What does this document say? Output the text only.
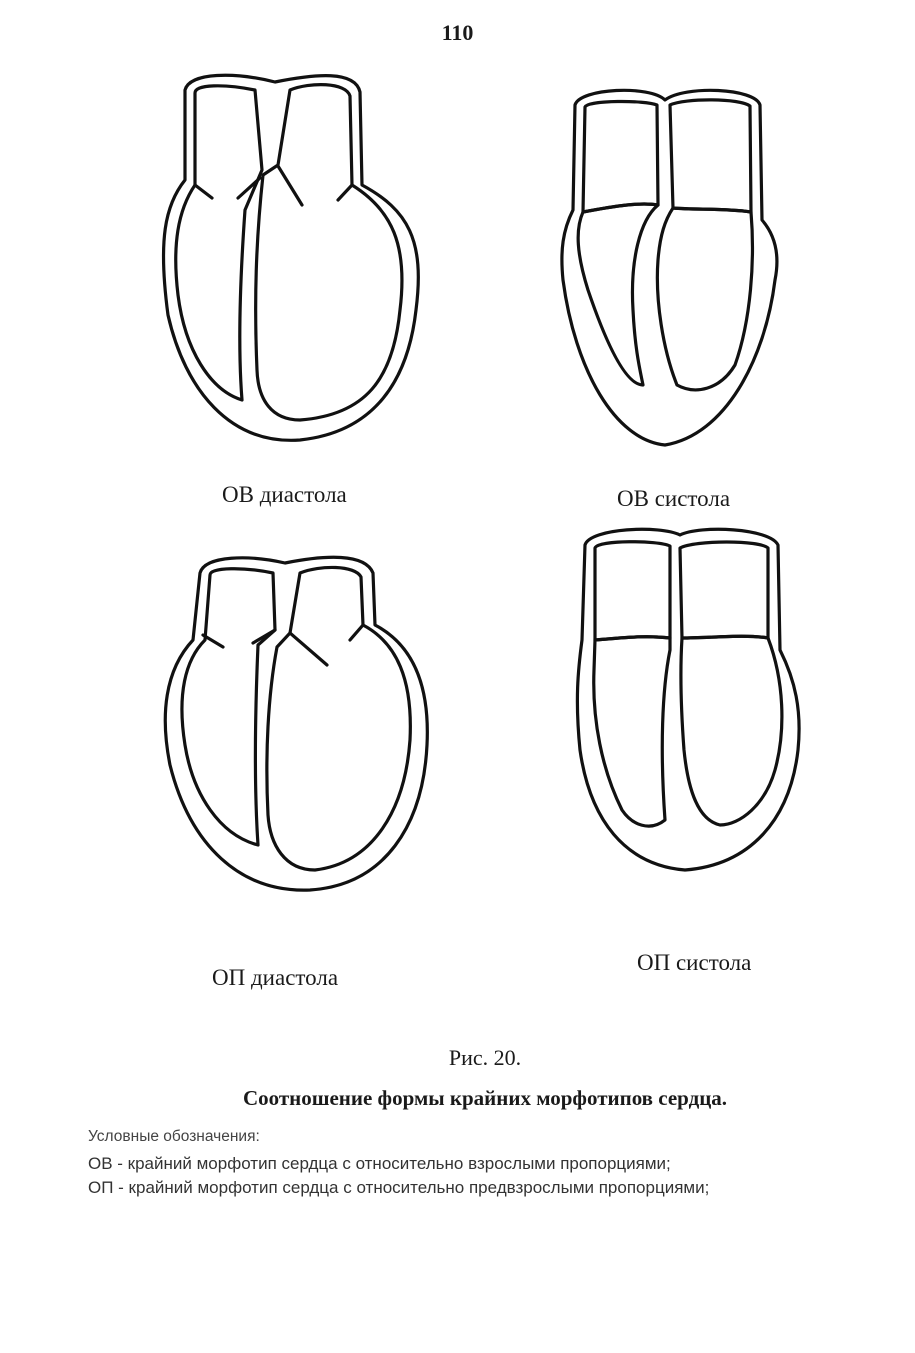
110
ОВ диастола	ОВ систола
ОП диастола
ОП систола
Рис. 20.
Соотношение формы крайних морфотипов сердца.
Условные обозначения:
ОВ - крайний морфотип сердца с относительно взрослыми пропорциями;
ОП - крайний морфотип сердца с относительно предвзрослыми пропорциями;
